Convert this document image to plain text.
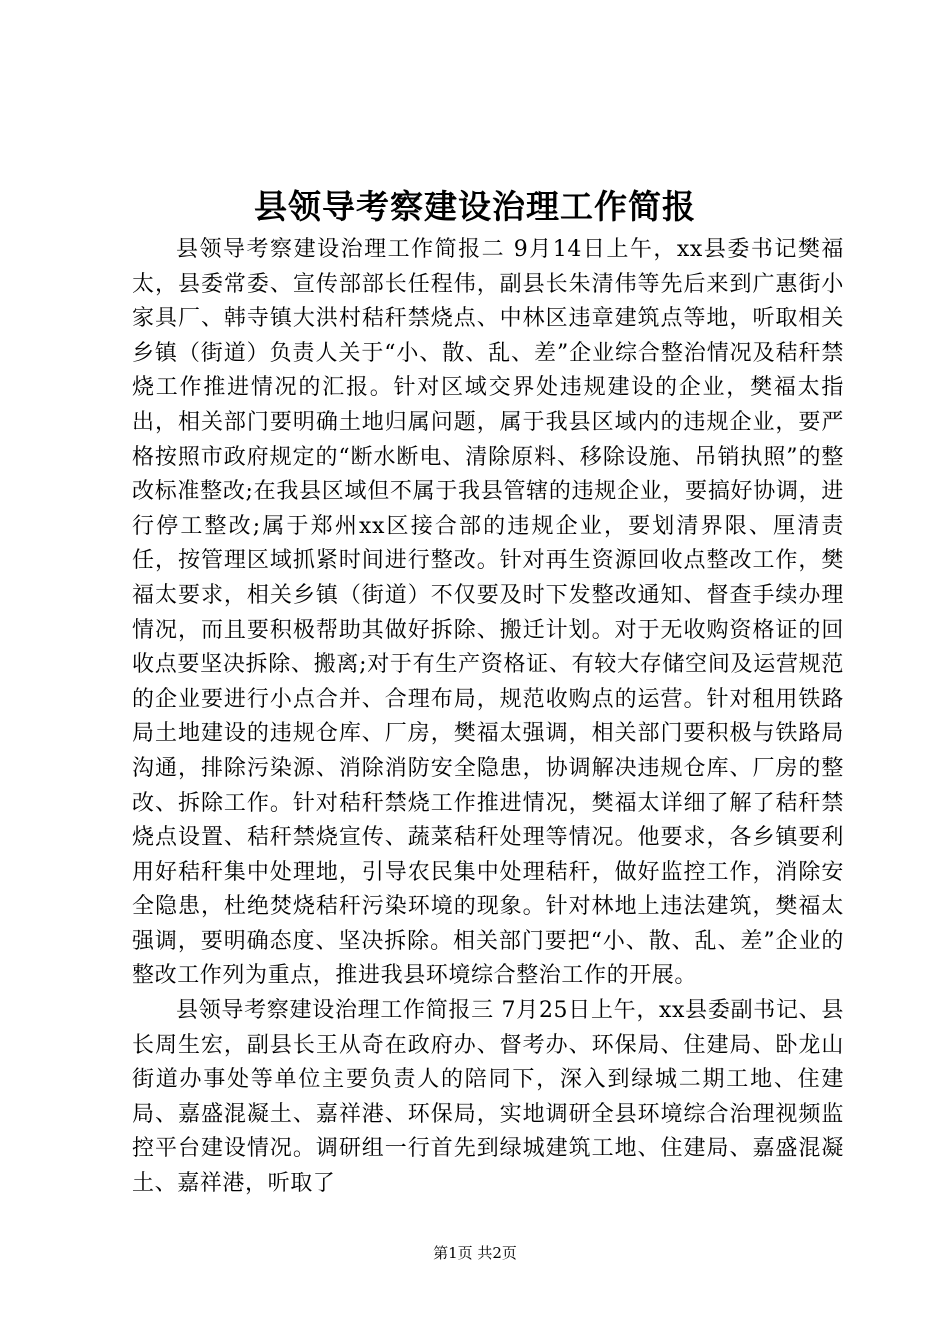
县领导考察建设治理工作简报

县领导考察建设治理工作简报二 9月14日上午，xx县委书记樊福太，县委常委、宣传部部长任程伟，副县长朱清伟等先后来到广惠街小家具厂、韩寺镇大洪村秸秆禁烧点、中林区违章建筑点等地，听取相关乡镇（街道）负责人关于“小、散、乱、差”企业综合整治情况及秸秆禁烧工作推进情况的汇报。针对区域交界处违规建设的企业，樊福太指出，相关部门要明确土地归属问题，属于我县区域内的违规企业，要严格按照市政府规定的“断水断电、清除原料、移除设施、吊销执照”的整改标准整改;在我县区域但不属于我县管辖的违规企业，要搞好协调，进行停工整改;属于郑州xx区接合部的违规企业，要划清界限、厘清责任，按管理区域抓紧时间进行整改。针对再生资源回收点整改工作，樊福太要求，相关乡镇（街道）不仅要及时下发整改通知、督查手续办理情况，而且要积极帮助其做好拆除、搬迁计划。对于无收购资格证的回收点要坚决拆除、搬离;对于有生产资格证、有较大存储空间及运营规范的企业要进行小点合并、合理布局，规范收购点的运营。针对租用铁路局土地建设的违规仓库、厂房，樊福太强调，相关部门要积极与铁路局沟通，排除污染源、消除消防安全隐患，协调解决违规仓库、厂房的整改、拆除工作。针对秸秆禁烧工作推进情况，樊福太详细了解了秸秆禁烧点设置、秸秆禁烧宣传、蔬菜秸秆处理等情况。他要求，各乡镇要利用好秸秆集中处理地，引导农民集中处理秸秆，做好监控工作，消除安全隐患，杜绝焚烧秸秆污染环境的现象。针对林地上违法建筑，樊福太强调，要明确态度、坚决拆除。相关部门要把“小、散、乱、差”企业的整改工作列为重点，推进我县环境综合整治工作的开展。

县领导考察建设治理工作简报三 7月25日上午，xx县委副书记、县长周生宏，副县长王从奇在政府办、督考办、环保局、住建局、卧龙山街道办事处等单位主要负责人的陪同下，深入到绿城二期工地、住建局、嘉盛混凝土、嘉祥港、环保局，实地调研全县环境综合治理视频监控平台建设情况。调研组一行首先到绿城建筑工地、住建局、嘉盛混凝土、嘉祥港，听取了

第1页 共2页
